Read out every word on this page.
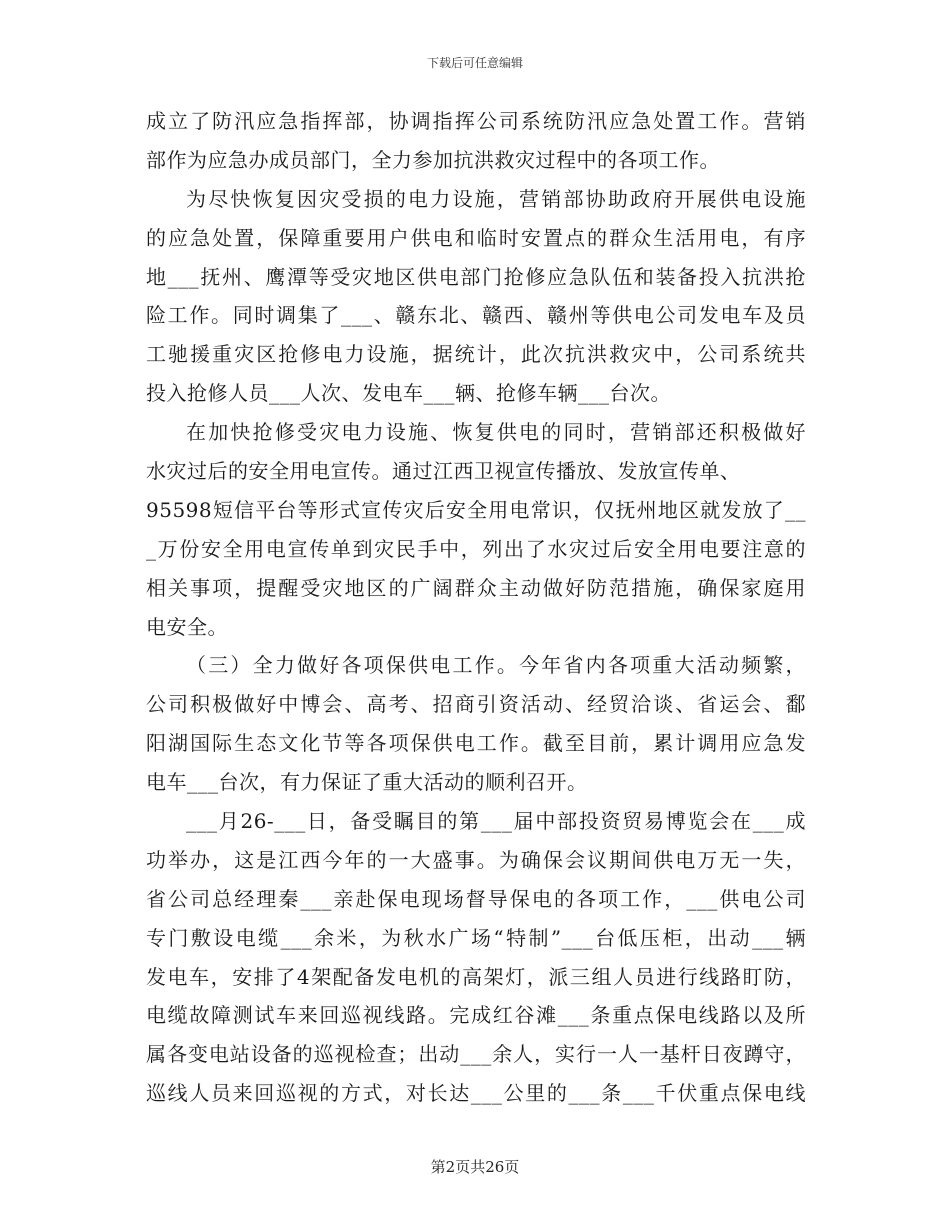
下载后可任意编辑
成立了防汛应急指挥部，协调指挥公司系统防汛应急处置工作。营销
部作为应急办成员部门，全力参加抗洪救灾过程中的各项工作。
为尽快恢复因灾受损的电力设施，营销部协助政府开展供电设施
的应急处置，保障重要用户供电和临时安置点的群众生活用电，有序
地___抚州、鹰潭等受灾地区供电部门抢修应急队伍和装备投入抗洪抢
险工作。同时调集了___、赣东北、赣西、赣州等供电公司发电车及员
工驰援重灾区抢修电力设施，据统计，此次抗洪救灾中，公司系统共
投入抢修人员___人次、发电车___辆、抢修车辆___台次。
在加快抢修受灾电力设施、恢复供电的同时，营销部还积极做好
水灾过后的安全用电宣传。通过江西卫视宣传播放、发放宣传单、
95598短信平台等形式宣传灾后安全用电常识，仅抚州地区就发放了__
_万份安全用电宣传单到灾民手中，列出了水灾过后安全用电要注意的
相关事项，提醒受灾地区的广阔群众主动做好防范措施，确保家庭用
电安全。
（三）全力做好各项保供电工作。今年省内各项重大活动频繁，
公司积极做好中博会、高考、招商引资活动、经贸洽谈、省运会、鄱
阳湖国际生态文化节等各项保供电工作。截至目前，累计调用应急发
电车___台次，有力保证了重大活动的顺利召开。
___月26-___日，备受瞩目的第___届中部投资贸易博览会在___成
功举办，这是江西今年的一大盛事。为确保会议期间供电万无一失，
省公司总经理秦___亲赴保电现场督导保电的各项工作，___供电公司
专门敷设电缆___余米，为秋水广场“特制”___台低压柜，出动___辆
发电车，安排了4架配备发电机的高架灯，派三组人员进行线路盯防，
电缆故障测试车来回巡视线路。完成红谷滩___条重点保电线路以及所
属各变电站设备的巡视检查；出动___余人，实行一人一基杆日夜蹲守，
巡线人员来回巡视的方式，对长达___公里的___条___千伏重点保电线
第2页共26页
